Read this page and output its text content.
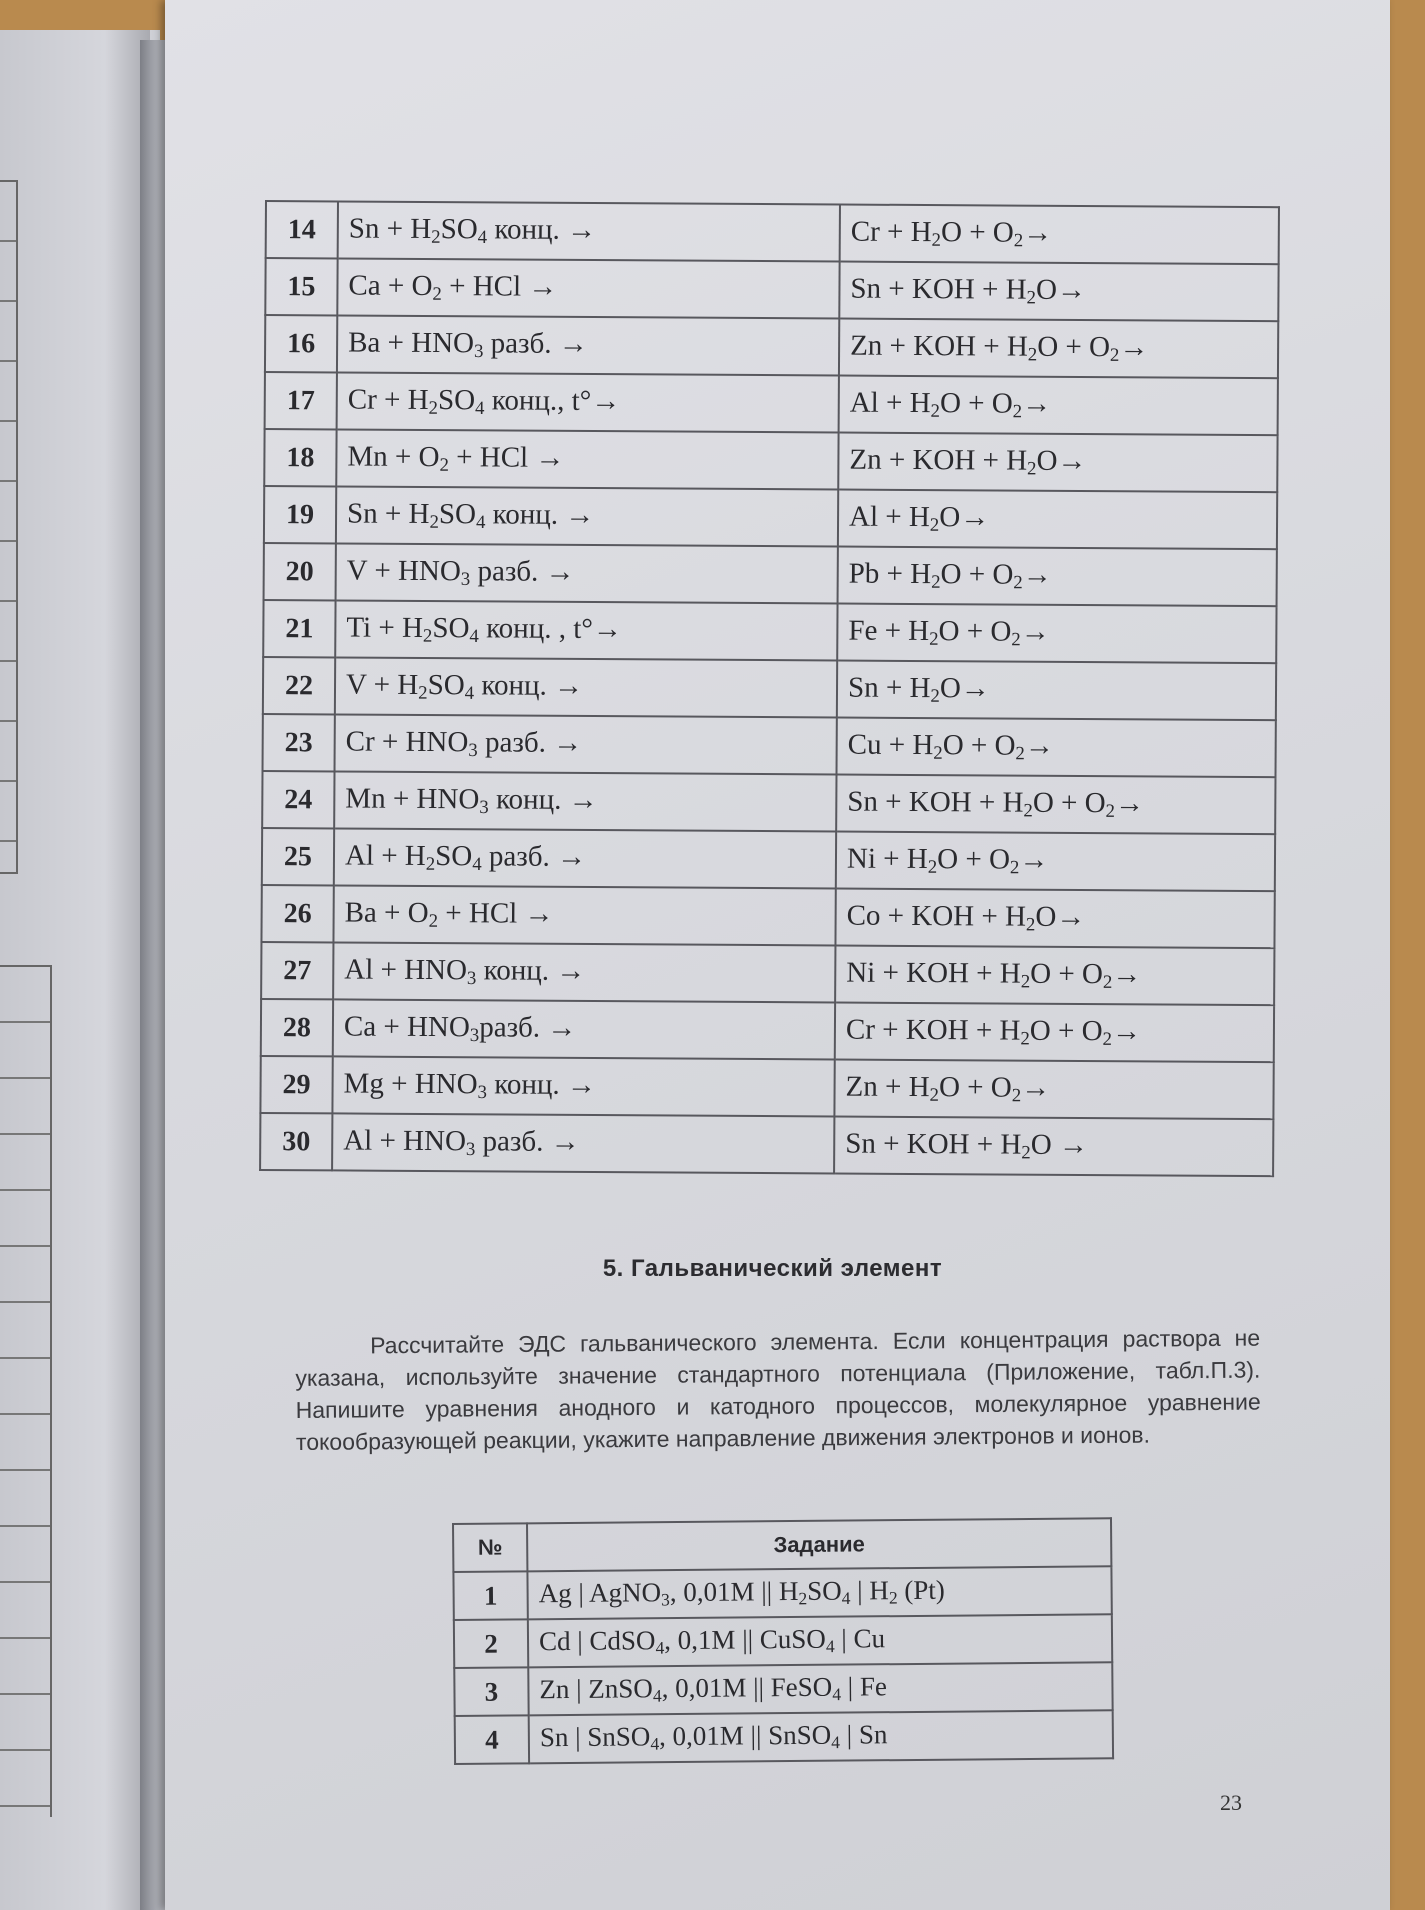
14	$Sn + H_2SO_4$ конц. →	$Cr + H_2O + O_2\to$
15	$Ca + O_2$ + HCl →	Sn + KOH + $H_2O\to$
16	$Ba + HNO_3$ разб. →	Zn + KOH + $H_2O + O_2\to$
17	$Cr + H_2SO_4$ конц., t°→	$Al + H_2O + O_2\to$
18	$Mn + O_2$ + HCl →	Zn + KOH + $H_2O\to$
19	$Sn + H_2SO_4$ конц. →	$Al + H_2O\to$
20	$V + HNO_3$ разб. →	$Pb + H_2O + O_2\to$
21	$Ti + H_2SO_4$ конц. , t°→	$Fe + H_2O + O_2\to$
22	$V + H_2SO_4$ конц. →	$Sn + H_2O\to$
23	$Cr + HNO_3$ разб. →	$Cu + H_2O + O_2\to$
24	$Mn + HNO_3$ конц. →	Sn + KOH + $H_2O + O_2\to$
25	$Al + H_2SO_4$ разб. →	$Ni + H_2O + O_2\to$
26	$Ba + O_2$ + HCl →	Co + KOH + $H_2O\to$
27	$Al + HNO_3$ конц. →	Ni + KOH + $H_2O + O_2\to$
28	$Ca + HNO_3разб$. →	Cr + KOH + $H_2O + O_2\to$
29	$Mg + HNO_3$ конц. →	$Zn + H_2O + O_2\to$
30	$Al + HNO_3$ разб. →	Sn + KOH + $H_2O$ →
5. Гальванический элемент

Рассчитайте ЭДС гальванического элемента. Если концентрация раствора не указана, используйте значение стандартного потенциала (Приложение, табл.П.3). Напишите уравнения анодного и катодного процессов, молекулярное уравнение токообразующей реакции, укажите направление движения электронов и ионов.

№	Задание
1	Ag | AgNO$_3$, 0,01M || $H_2SO_4$ | $H_2$ (Pt)
2	Cd | CdSO$_4$, 0,1M || CuSO$_4$ | Cu
3	Zn | ZnSO$_4$, 0,01M || FeSO$_4$ | Fe
4	Sn | SnSO$_4$, 0,01M || SnSO$_4$ | Sn
23
